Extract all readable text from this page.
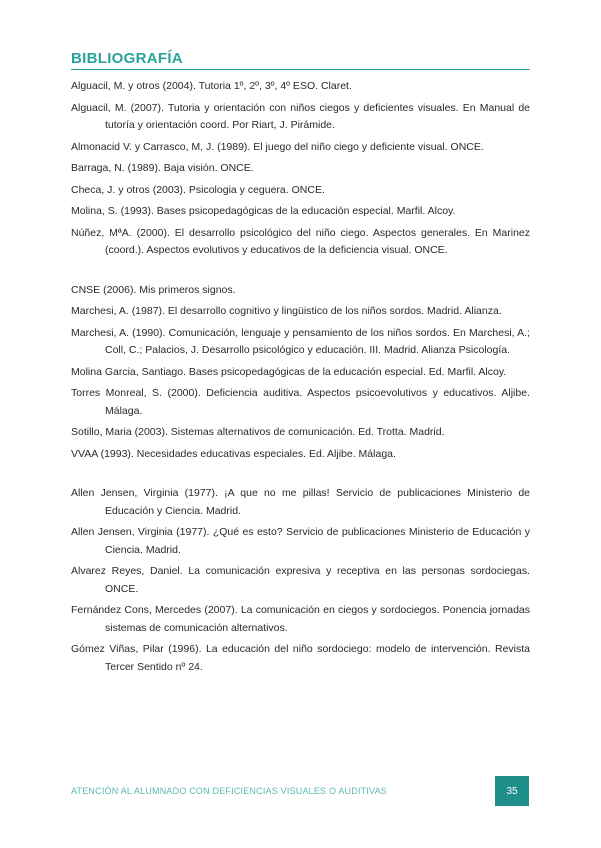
BIBLIOGRAFÍA

Alguacil, M. y otros (2004). Tutoria 1º, 2º, 3º, 4º ESO. Claret.

Alguacil, M. (2007). Tutoria y orientación con niños ciegos y deficientes visuales. En Manual de tutoría y orientación coord. Por Riart, J. Pirámide.

Almonacid V. y Carrasco, M, J. (1989). El juego del niño ciego y deficiente visual. ONCE.

Barraga, N. (1989). Baja visión. ONCE.

Checa, J. y otros (2003). Psicologia y ceguera. ONCE.

Molina, S. (1993). Bases psicopedagógicas de la educación especial. Marfil. Alcoy.

Núñez, MªA. (2000). El desarrollo psicológico del niño ciego. Aspectos generales. En Marinez (coord.). Aspectos evolutivos y educativos de la deficiencia visual. ONCE.

CNSE (2006). Mis primeros signos.

Marchesi, A. (1987). El desarrollo cognitivo y lingüistico de los niños sordos. Madrid. Alianza.

Marchesi, A. (1990). Comunicación, lenguaje y pensamiento de los niños sordos. En Marchesi, A.; Coll, C.; Palacios, J. Desarrollo psicológico y educación. III. Madrid. Alianza Psicología.

Molina Garcia, Santiago. Bases psicopedagógicas de la educación especial. Ed. Marfil. Alcoy.

Torres Monreal, S. (2000). Deficiencia auditiva. Aspectos psicoevolutivos y educativos. Aljibe. Málaga.

Sotillo, Maria (2003). Sistemas alternativos de comunicación. Ed. Trotta. Madrid.

VVAA (1993). Necesidades educativas especiales. Ed. Aljibe. Málaga.

Allen Jensen, Virginia (1977). ¡A que no me pillas! Servicio de publicaciones Ministerio de Educación y Ciencia. Madrid.

Allen Jensen, Virginia (1977). ¿Qué es esto? Servicio de publicaciones Ministerio de Educación y Ciencia. Madrid.

Alvarez Reyes, Daniel. La comunicación expresiva y receptiva en las personas sordociegas. ONCE.

Fernández Cons, Mercedes (2007). La comunicación en ciegos y sordociegos. Ponencia jornadas sistemas de comunicación alternativos.

Gómez Viñas, Pilar (1996). La educación del niño sordociego: modelo de intervención. Revista Tercer Sentido nº 24.

ATENCIÓN AL ALUMNADO CON DEFICIENCIAS VISUALES O AUDITIVAS	35
